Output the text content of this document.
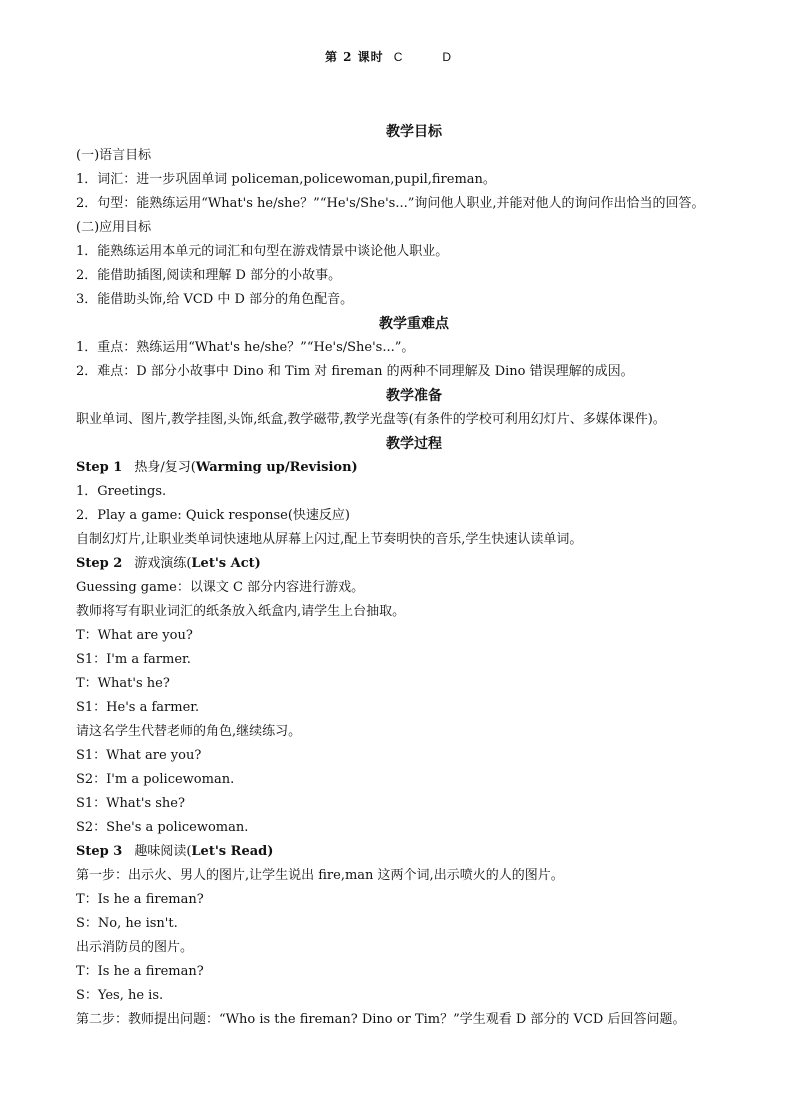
第 2 课时 C　D
教学目标
(一)语言目标
1．词汇：进一步巩固单词 policeman,policewoman,pupil,fireman。
2．句型：能熟练运用“What's he/she？”“He's/She's...”询问他人职业,并能对他人的询问作出恰当的回答。
(二)应用目标
1．能熟练运用本单元的词汇和句型在游戏情景中谈论他人职业。
2．能借助插图,阅读和理解 D 部分的小故事。
3．能借助头饰,给 VCD 中 D 部分的角色配音。
教学重难点
1．重点：熟练运用“What's he/she？”“He's/She's...”。
2．难点：D 部分小故事中 Dino 和 Tim 对 fireman 的两种不同理解及 Dino 错误理解的成因。
教学准备
职业单词、图片,教学挂图,头饰,纸盒,教学磁带,教学光盘等(有条件的学校可利用幻灯片、多媒体课件)。
教学过程
Step 1 热身/复习(Warming up/Revision)
1．Greetings.
2．Play a game: Quick response(快速反应)
自制幻灯片,让职业类单词快速地从屏幕上闪过,配上节奏明快的音乐,学生快速认读单词。
Step 2 游戏演练(Let's Act)
Guessing game：以课文 C 部分内容进行游戏。
教师将写有职业词汇的纸条放入纸盒内,请学生上台抽取。
T：What are you?
S1：I'm a farmer.
T：What's he?
S1：He's a farmer.
请这名学生代替老师的角色,继续练习。
S1：What are you?
S2：I'm a policewoman.
S1：What's she?
S2：She's a policewoman.
Step 3 趣味阅读(Let's Read)
第一步：出示火、男人的图片,让学生说出 fire,man 这两个词,出示喷火的人的图片。
T：Is he a fireman?
S：No, he isn't.
出示消防员的图片。
T：Is he a fireman?
S：Yes, he is.
第二步：教师提出问题：“Who is the fireman? Dino or Tim？”学生观看 D 部分的 VCD 后回答问题。
